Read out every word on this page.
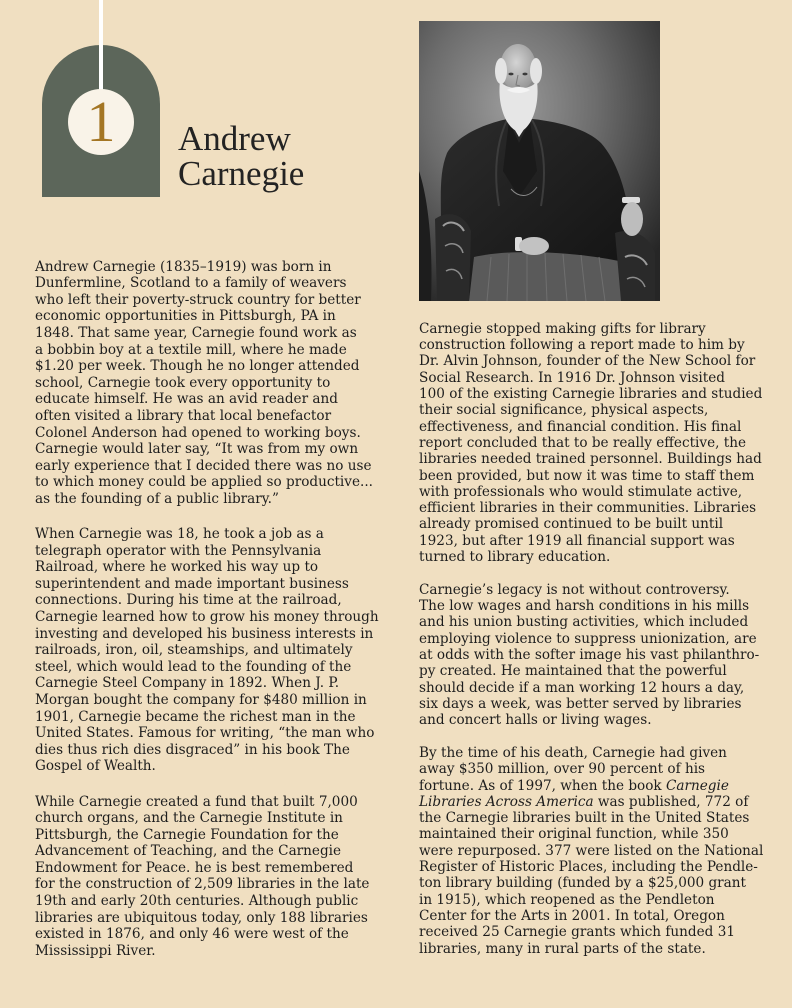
1 Andrew
Carnegie
Andrew Carnegie (1835–1919) was born in
Dunfermline, Scotland to a family of weavers
who left their poverty-struck country for better
economic opportunities in Pittsburgh, PA in
1848. That same year, Carnegie found work as
a bobbin boy at a textile mill, where he made
$1.20 per week. Though he no longer attended
school, Carnegie took every opportunity to
educate himself. He was an avid reader and
often visited a library that local benefactor
Colonel Anderson had opened to working boys.
Carnegie would later say, “It was from my own
early experience that I decided there was no use
to which money could be applied so productive...
as the founding of a public library.”
When Carnegie was 18, he took a job as a
telegraph operator with the Pennsylvania
Railroad, where he worked his way up to
superintendent and made important business
connections. During his time at the railroad,
Carnegie learned how to grow his money through
investing and developed his business interests in
railroads, iron, oil, steamships, and ultimately
steel, which would lead to the founding of the
Carnegie Steel Company in 1892. When J. P.
Morgan bought the company for $480 million in
1901, Carnegie became the richest man in the
United States. Famous for writing, “the man who
dies thus rich dies disgraced” in his book The
Gospel of Wealth.
While Carnegie created a fund that built 7,000
church organs, and the Carnegie Institute in
Pittsburgh, the Carnegie Foundation for the
Advancement of Teaching, and the Carnegie
Endowment for Peace. he is best remembered
for the construction of 2,509 libraries in the late
19th and early 20th centuries. Although public
libraries are ubiquitous today, only 188 libraries
existed in 1876, and only 46 were west of the
Mississippi River.
Carnegie stopped making gifts for library
construction following a report made to him by
Dr. Alvin Johnson, founder of the New School for
Social Research. In 1916 Dr. Johnson visited
100 of the existing Carnegie libraries and studied
their social significance, physical aspects,
effectiveness, and financial condition. His final
report concluded that to be really effective, the
libraries needed trained personnel. Buildings had
been provided, but now it was time to staff them
with professionals who would stimulate active,
efficient libraries in their communities. Libraries
already promised continued to be built until
1923, but after 1919 all financial support was
turned to library education.
Carnegie’s legacy is not without controversy.
The low wages and harsh conditions in his mills
and his union busting activities, which included
employing violence to suppress unionization, are
at odds with the softer image his vast philanthro-
py created. He maintained that the powerful
should decide if a man working 12 hours a day,
six days a week, was better served by libraries
and concert halls or living wages.
By the time of his death, Carnegie had given
away $350 million, over 90 percent of his
fortune. As of 1997, when the book Carnegie
Libraries Across America was published, 772 of
the Carnegie libraries built in the United States
maintained their original function, while 350
were repurposed. 377 were listed on the National
Register of Historic Places, including the Pendle-
ton library building (funded by a $25,000 grant
in 1915), which reopened as the Pendleton
Center for the Arts in 2001. In total, Oregon
received 25 Carnegie grants which funded 31
libraries, many in rural parts of the state.
